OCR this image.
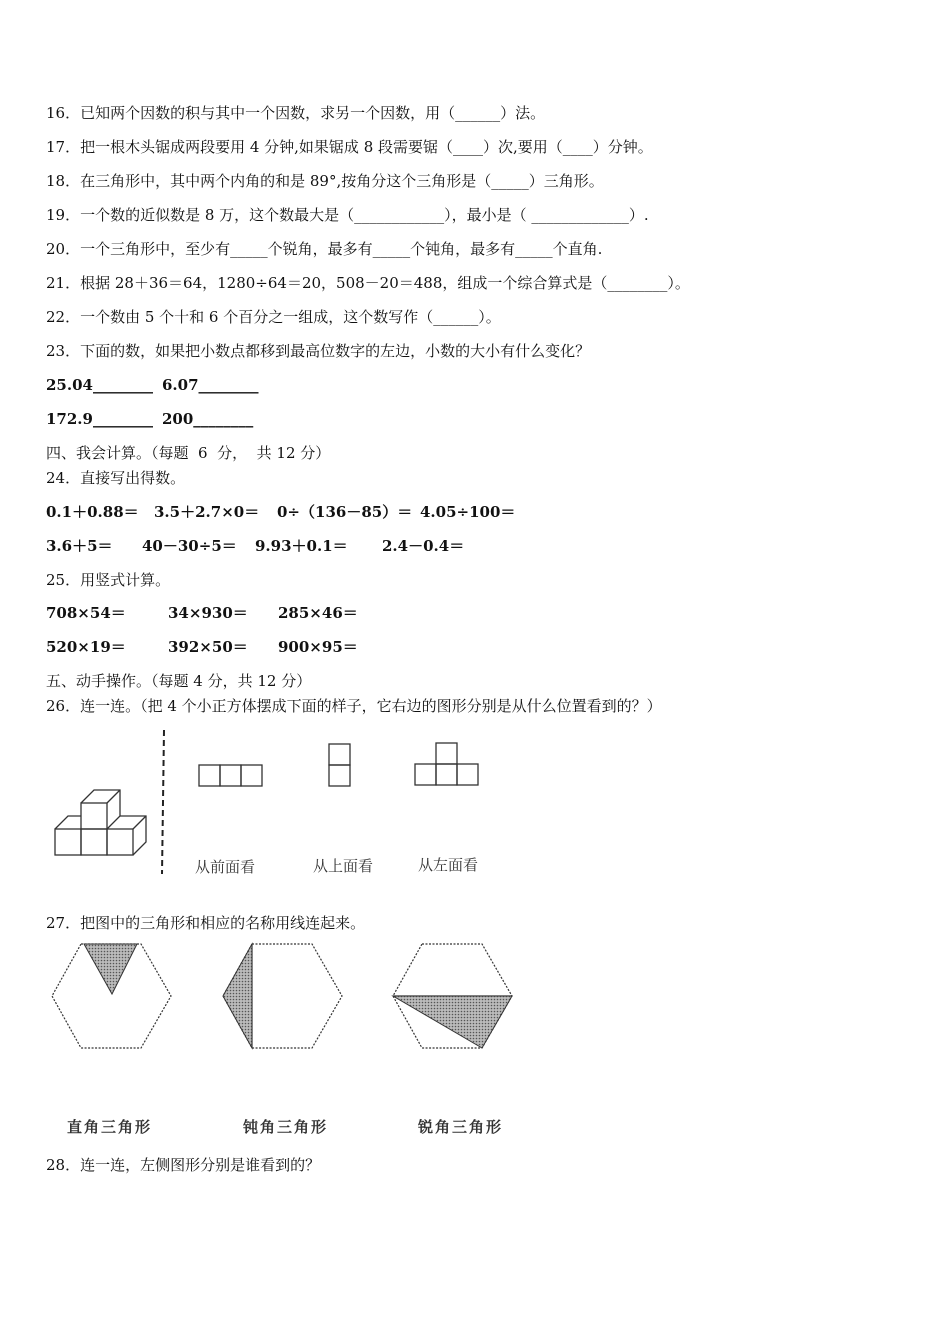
16．已知两个因数的积与其中一个因数，求另一个因数，用（______）法。
17．把一根木头锯成两段要用 4 分钟,如果锯成 8 段需要锯（____）次,要用（____）分钟。
18．在三角形中，其中两个内角的和是 89°,按角分这个三角形是（_____）三角形。
19．一个数的近似数是 8 万，这个数最大是（____________），最小是（ _____________）.
20．一个三角形中，至少有_____个锐角，最多有_____个钝角，最多有_____个直角.
21．根据 28＋36＝64，1280÷64＝20，508－20＝488，组成一个综合算式是（________）。
22．一个数由 5 个十和 6 个百分之一组成，这个数写作（______）。
23．下面的数，如果把小数点都移到最高位数字的左边，小数的大小有什么变化？
25.04________ 6.07________
172.9________ 200________
四、我会计算。（每题  6  分，  共 12 分）
24．直接写出得数。
0.1＋0.88＝ 3.5＋2.7×0＝ 0÷（136－85）＝ 4.05÷100＝
3.6＋5＝ 40－30÷5＝ 9.93＋0.1＝ 2.4－0.4＝
25．用竖式计算。
708×54＝	34×930＝ 285×46＝
520×19＝	392×50＝ 900×95＝
五、动手操作。（每题 4 分，共 12 分）
26．连一连。（把 4 个小正方体摆成下面的样子，它右边的图形分别是从什么位置看到的？）
从前面看	从上面看	从左面看
27．把图中的三角形和相应的名称用线连起来。
直角三角形	钝角三角形	锐角三角形
28．连一连，左侧图形分别是谁看到的？
